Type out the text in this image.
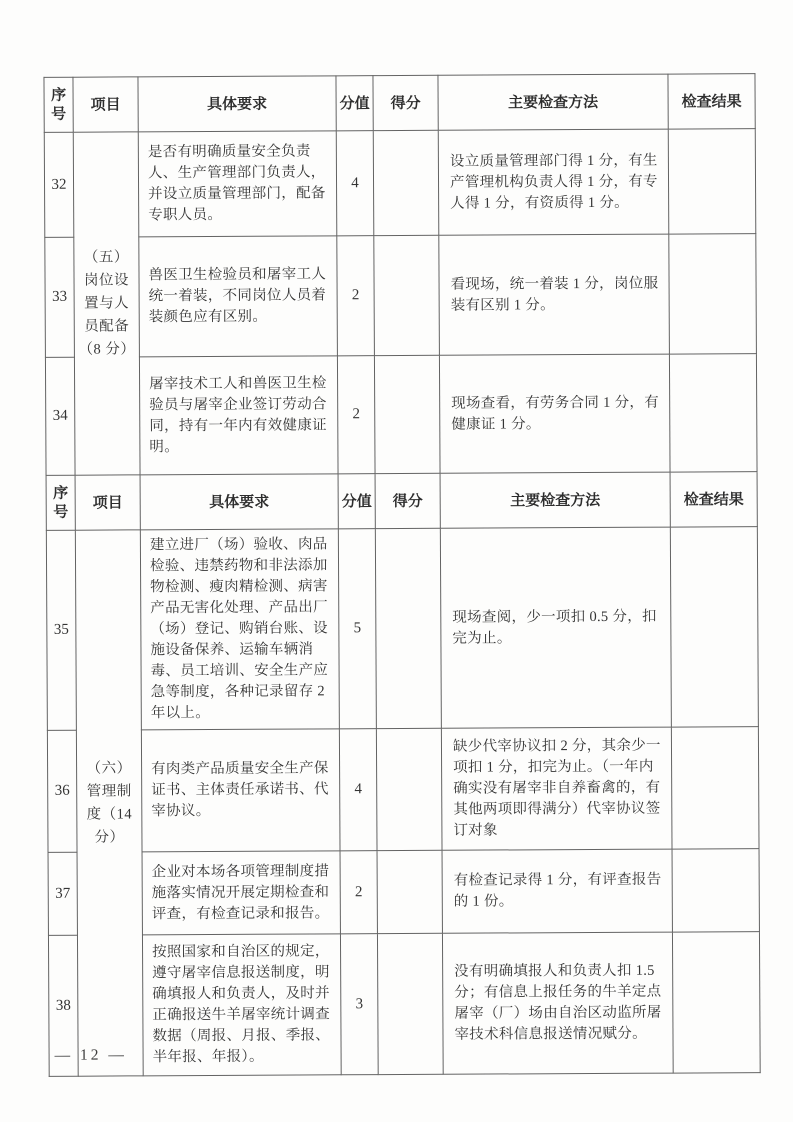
序号	项目	具体要求	分值	得分	主要检查方法	检查结果
32	（五）岗位设置与人员配备（8 分）	是否有明确质量安全负责人、生产管理部门负责人，并设立质量管理部门，配备专职人员。	4		设立质量管理部门得 1 分，有生产管理机构负责人得 1 分，有专人得 1 分，有资质得 1 分。	
33		兽医卫生检验员和屠宰工人统一着装，不同岗位人员着装颜色应有区别。	2		看现场，统一着装 1 分，岗位服装有区别 1 分。	
34		屠宰技术工人和兽医卫生检验员与屠宰企业签订劳动合同，持有一年内有效健康证明。	2		现场查看，有劳务合同 1 分，有健康证 1 分。	
序号	项目	具体要求	分值	得分	主要检查方法	检查结果
35	（六）管理制度（14 分）	建立进厂（场）验收、肉品检验、违禁药物和非法添加物检测、瘦肉精检测、病害产品无害化处理、产品出厂（场）登记、购销台账、设施设备保养、运输车辆消毒、员工培训、安全生产应急等制度，各种记录留存 2 年以上。	5		现场查阅，少一项扣 0.5 分，扣完为止。	
36		有肉类产品质量安全生产保证书、主体责任承诺书、代宰协议。	4		缺少代宰协议扣 2 分，其余少一项扣 1 分，扣完为止。（一年内确实没有屠宰非自养畜禽的，有其他两项即得满分）代宰协议签订对象	
37		企业对本场各项管理制度措施落实情况开展定期检查和评查，有检查记录和报告。	2		有检查记录得 1 分，有评查报告的 1 份。	
38		按照国家和自治区的规定，遵守屠宰信息报送制度，明确填报人和负责人，及时并正确报送牛羊屠宰统计调查数据（周报、月报、季报、半年报、年报）。	3		没有明确填报人和负责人扣 1.5 分；有信息上报任务的牛羊定点屠宰（厂）场由自治区动监所屠宰技术科信息报送情况赋分。	
— 12 —
